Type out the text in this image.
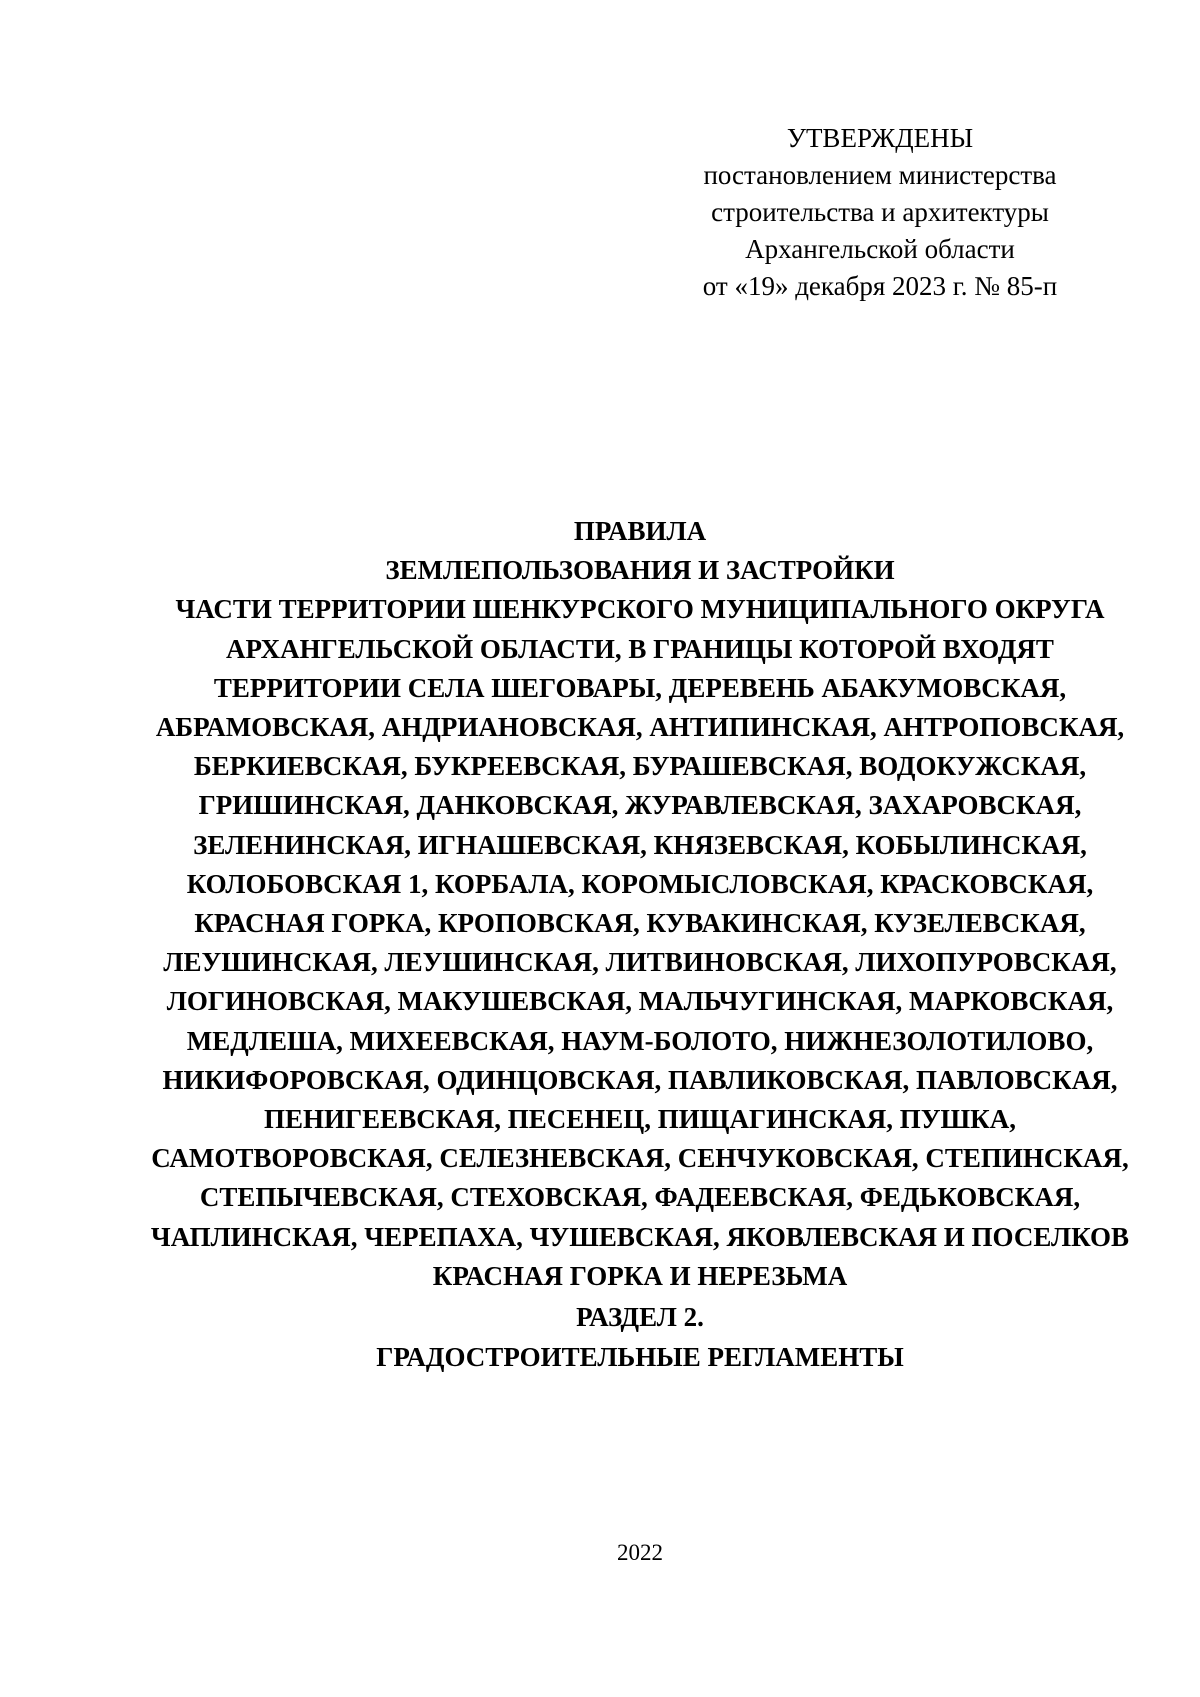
УТВЕРЖДЕНЫ
постановлением министерства
строительства и архитектуры
Архангельской области
от «19» декабря 2023 г. № 85-п
ПРАВИЛА
ЗЕМЛЕПОЛЬЗОВАНИЯ И ЗАСТРОЙКИ
ЧАСТИ ТЕРРИТОРИИ ШЕНКУРСКОГО МУНИЦИПАЛЬНОГО ОКРУГА
АРХАНГЕЛЬСКОЙ ОБЛАСТИ, В ГРАНИЦЫ КОТОРОЙ ВХОДЯТ
ТЕРРИТОРИИ СЕЛА ШЕГОВАРЫ, ДЕРЕВЕНЬ АБАКУМОВСКАЯ,
АБРАМОВСКАЯ, АНДРИАНОВСКАЯ, АНТИПИНСКАЯ, АНТРОПОВСКАЯ,
БЕРКИЕВСКАЯ, БУКРЕЕВСКАЯ, БУРАШЕВСКАЯ, ВОДОКУЖСКАЯ,
ГРИШИНСКАЯ, ДАНКОВСКАЯ, ЖУРАВЛЕВСКАЯ, ЗАХАРОВСКАЯ,
ЗЕЛЕНИНСКАЯ, ИГНАШЕВСКАЯ, КНЯЗЕВСКАЯ, КОБЫЛИНСКАЯ,
КОЛОБОВСКАЯ 1, КОРБАЛА, КОРОМЫСЛОВСКАЯ, КРАСКОВСКАЯ,
КРАСНАЯ ГОРКА, КРОПОВСКАЯ, КУВАКИНСКАЯ, КУЗЕЛЕВСКАЯ,
ЛЕУШИНСКАЯ, ЛЕУШИНСКАЯ, ЛИТВИНОВСКАЯ, ЛИХОПУРОВСКАЯ,
ЛОГИНОВСКАЯ, МАКУШЕВСКАЯ, МАЛЬЧУГИНСКАЯ, МАРКОВСКАЯ,
МЕДЛЕША, МИХЕЕВСКАЯ, НАУМ-БОЛОТО, НИЖНЕЗОЛОТИЛОВО,
НИКИФОРОВСКАЯ, ОДИНЦОВСКАЯ, ПАВЛИКОВСКАЯ, ПАВЛОВСКАЯ,
ПЕНИГЕЕВСКАЯ, ПЕСЕНЕЦ, ПИЩАГИНСКАЯ, ПУШКА,
САМОТВОРОВСКАЯ, СЕЛЕЗНЕВСКАЯ, СЕНЧУКОВСКАЯ, СТЕПИНСКАЯ,
СТЕПЫЧЕВСКАЯ, СТЕХОВСКАЯ, ФАДЕЕВСКАЯ, ФЕДЬКОВСКАЯ,
ЧАПЛИНСКАЯ, ЧЕРЕПАХА, ЧУШЕВСКАЯ, ЯКОВЛЕВСКАЯ И ПОСЕЛКОВ
КРАСНАЯ ГОРКА И НЕРЕЗЬМА
РАЗДЕЛ 2.
ГРАДОСТРОИТЕЛЬНЫЕ РЕГЛАМЕНТЫ
2022
